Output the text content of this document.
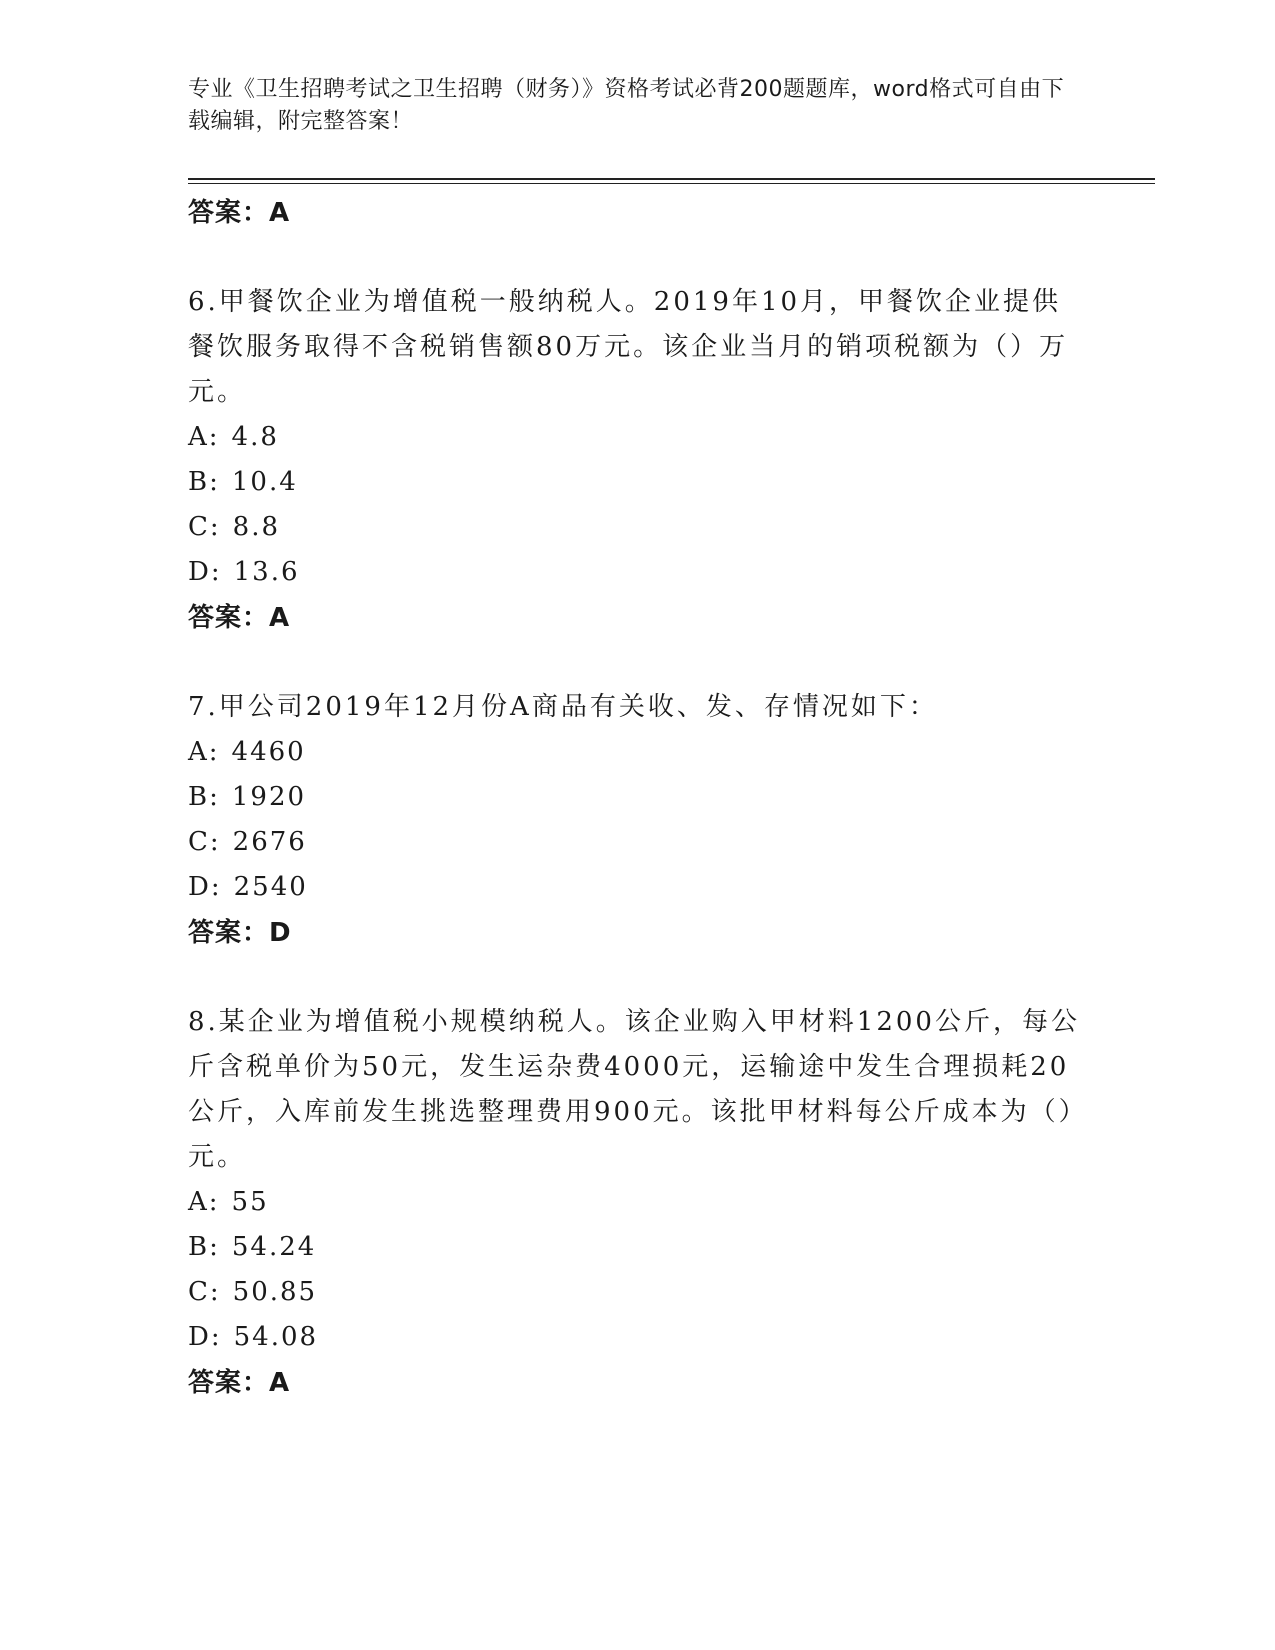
专业《卫生招聘考试之卫生招聘（财务）》资格考试必背200题题库，word格式可自由下载编辑，附完整答案！
答案：A
6.甲餐饮企业为增值税一般纳税人。2019年10月，甲餐饮企业提供餐饮服务取得不含税销售额80万元。该企业当月的销项税额为（）万元。
A: 4.8
B: 10.4
C: 8.8
D: 13.6
答案：A
7.甲公司2019年12月份A商品有关收、发、存情况如下：
A: 4460
B: 1920
C: 2676
D: 2540
答案：D
8.某企业为增值税小规模纳税人。该企业购入甲材料1200公斤，每公斤含税单价为50元，发生运杂费4000元，运输途中发生合理损耗20公斤，入库前发生挑选整理费用900元。该批甲材料每公斤成本为（）元。
A: 55
B: 54.24
C: 50.85
D: 54.08
答案：A
